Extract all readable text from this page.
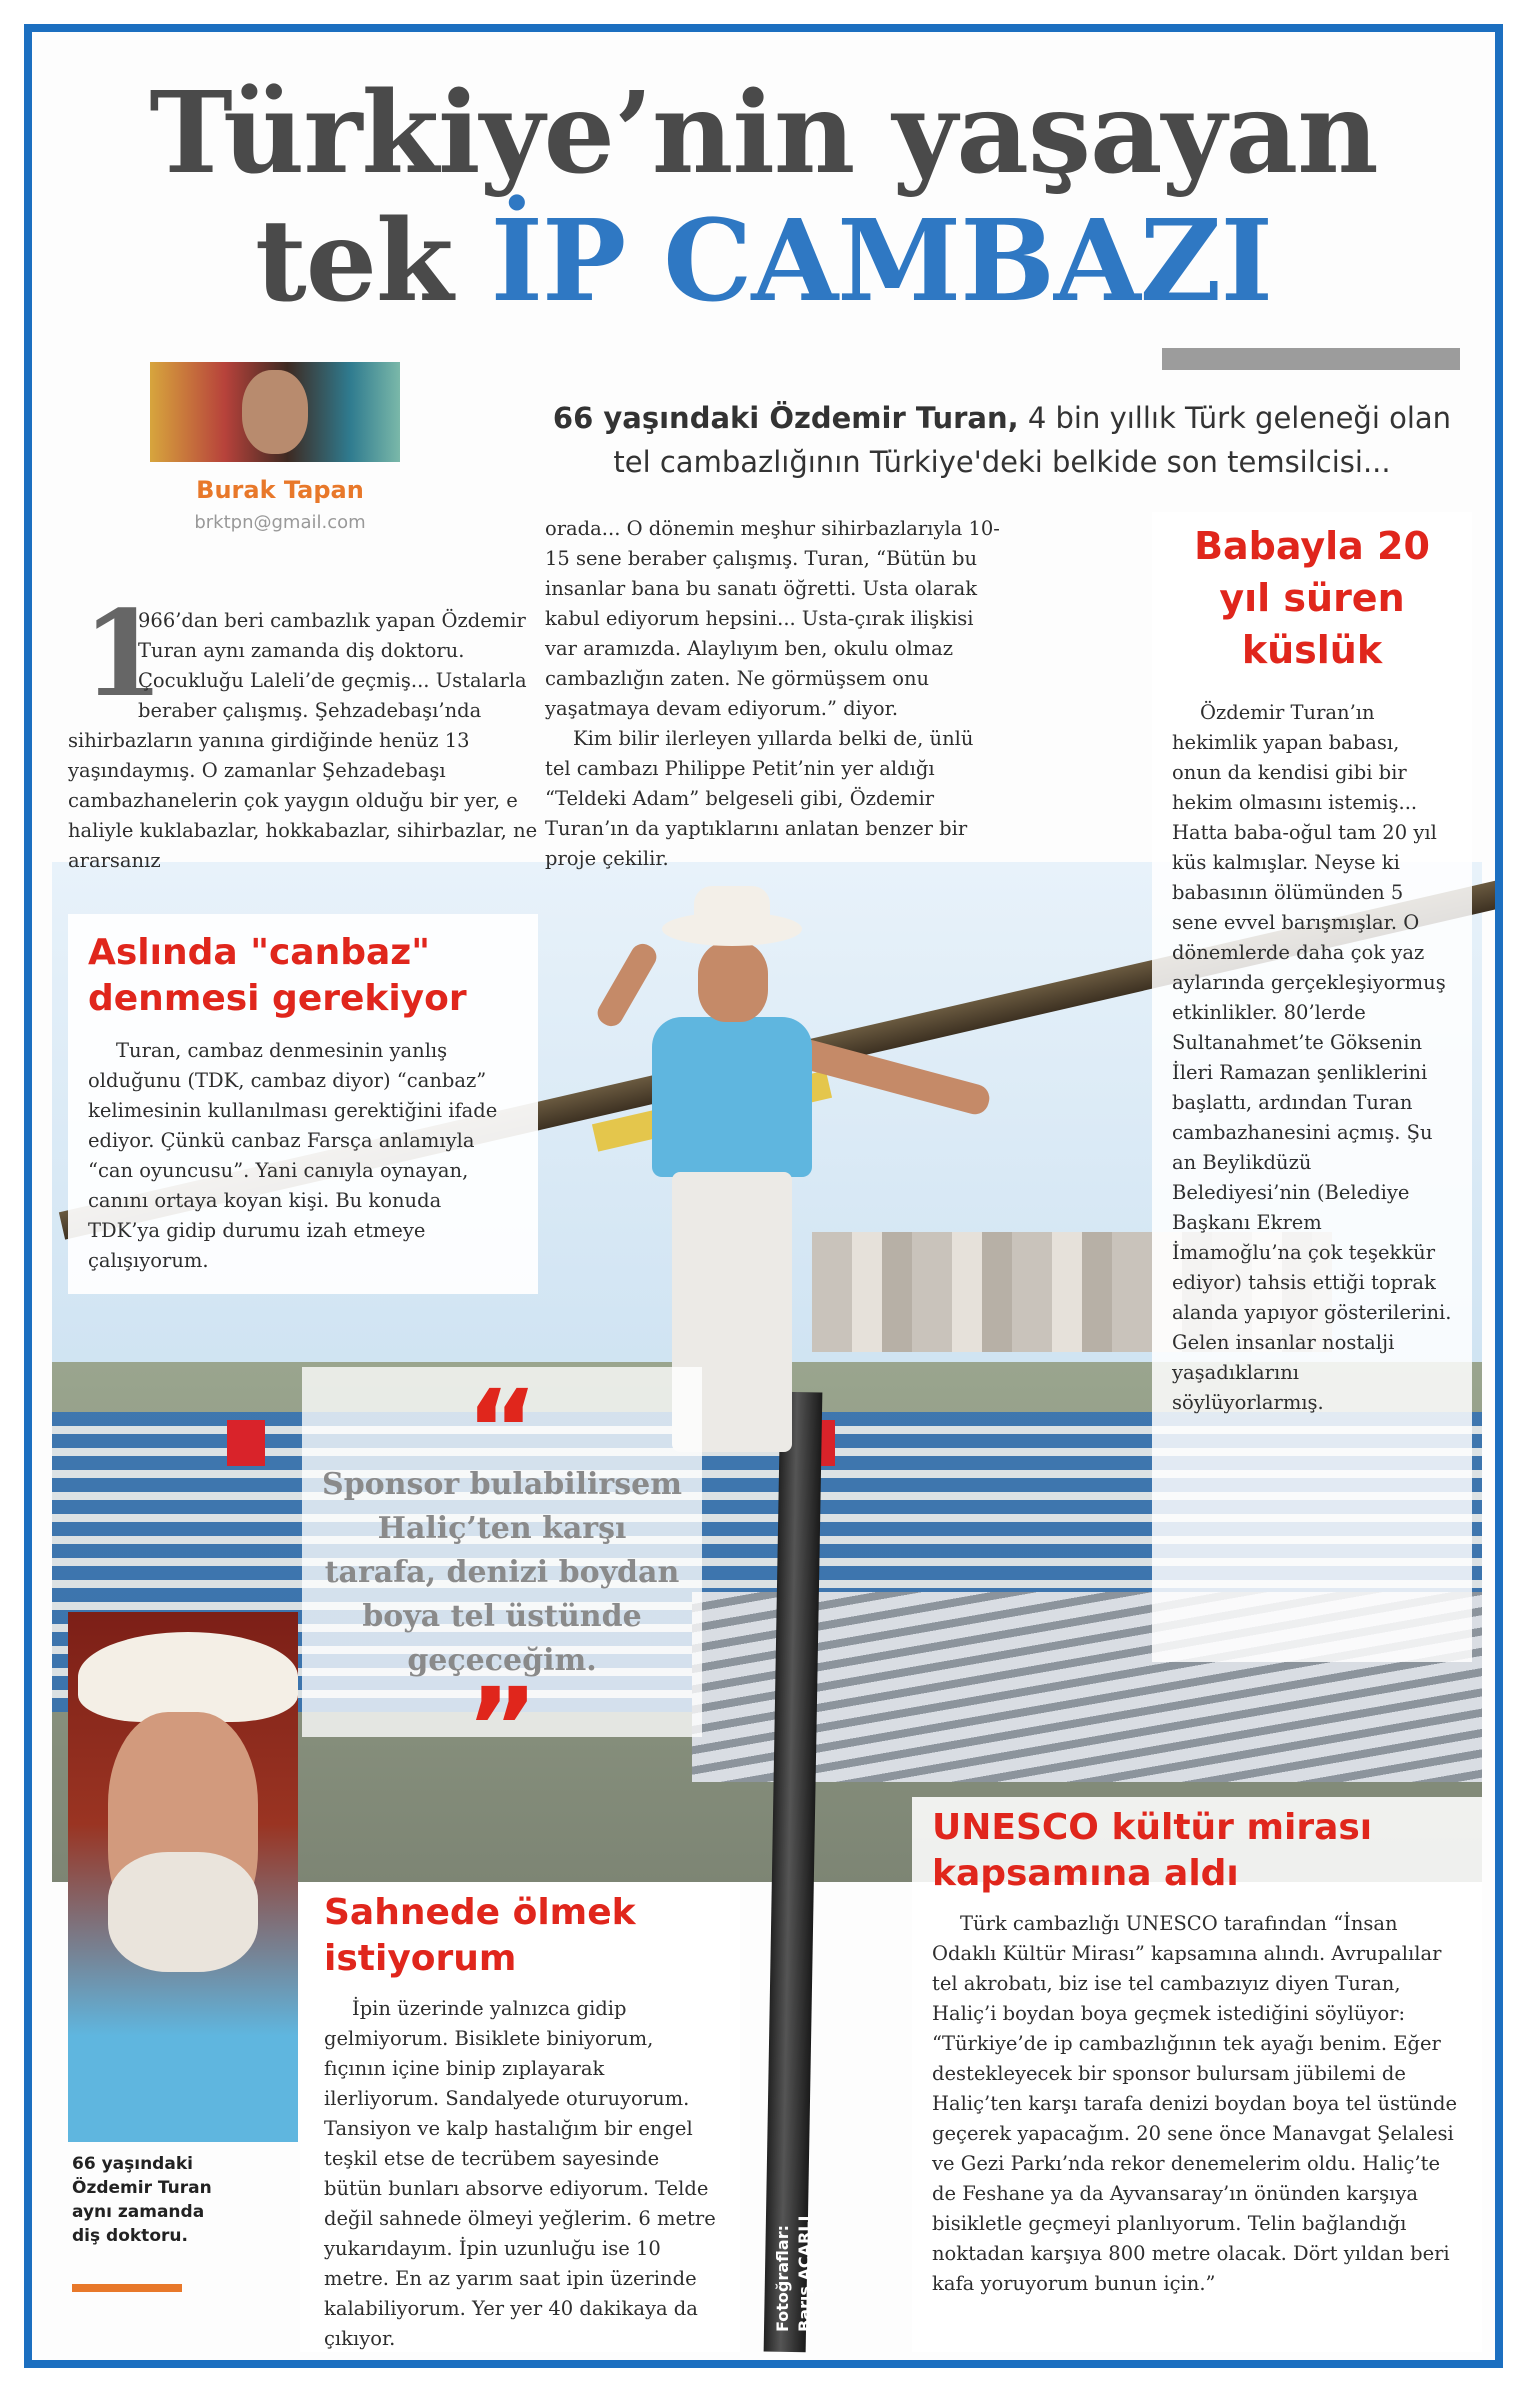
Türkiye’nin yaşayan
tek İP CAMBAZI
Burak Tapan
brktpn@gmail.com
66 yaşındaki Özdemir Turan, 4 bin yıllık Türk geleneği olan tel cambazlığının Türkiye'deki belkide son temsilcisi...
1
966’dan beri cambazlık yapan Özdemir Turan aynı zamanda diş doktoru. Çocukluğu Laleli’de geçmiş... Ustalarla beraber çalışmış. Şehzadebaşı’nda sihirbazların yanına girdiğinde henüz 13 yaşındaymış. O zamanlar Şehzadebaşı cambazhanelerin çok yaygın olduğu bir yer, e haliyle kuklabazlar, hokkabazlar, sihirbazlar, ne ararsanız

orada... O dönemin meşhur sihirbazlarıyla 10-15 sene beraber çalışmış. Turan, “Bütün bu insanlar bana bu sanatı öğretti. Usta olarak kabul ediyorum hepsini... Usta-çırak ilişkisi var aramızda. Alaylıyım ben, okulu olmaz cambazlığın zaten. Ne görmüşsem onu yaşatmaya devam ediyorum.” diyor.

Kim bilir ilerleyen yıllarda belki de, ünlü tel cambazı Philippe Petit’nin yer aldığı “Teldeki Adam” belgeseli gibi, Özdemir Turan’ın da yaptıklarını anlatan benzer bir proje çekilir.

Aslında "canbaz" denmesi gerekiyor

Turan, cambaz denmesinin yanlış olduğunu (TDK, cambaz diyor) “canbaz” kelimesinin kullanılması gerektiğini ifade ediyor. Çünkü canbaz Farsça anlamıyla “can oyuncusu”. Yani canıyla oynayan, canını ortaya koyan kişi. Bu konuda TDK’ya gidip durumu izah etmeye çalışıyorum.

Babayla 20 yıl süren küslük

Özdemir Turan’ın hekimlik yapan babası, onun da kendisi gibi bir hekim olmasını istemiş... Hatta baba-oğul tam 20 yıl küs kalmışlar. Neyse ki babasının ölümünden 5 sene evvel barışmışlar. O dönemlerde daha çok yaz aylarında gerçekleşiyormuş etkinlikler. 80’lerde Sultanahmet’te Göksenin İleri Ramazan şenliklerini başlattı, ardından Turan cambazhanesini açmış. Şu an Beylikdüzü Belediyesi’nin (Belediye Başkanı Ekrem İmamoğlu’na çok teşekkür ediyor) tahsis ettiği toprak alanda yapıyor gösterilerini. Gelen insanlar nostalji yaşadıklarını söylüyorlarmış.

“
Sponsor bulabilirsem Haliç’ten karşı tarafa, denizi boydan boya tel üstünde geçeceğim.
”
66 yaşındaki Özdemir Turan aynı zamanda diş doktoru.
Sahnede ölmek istiyorum

İpin üzerinde yalnızca gidip gelmiyorum. Bisiklete biniyorum, fıçının içine binip zıplayarak ilerliyorum. Sandalyede oturuyorum. Tansiyon ve kalp hastalığım bir engel teşkil etse de tecrübem sayesinde bütün bunları absorve ediyorum. Telde değil sahnede ölmeyi yeğlerim. 6 metre yukarıdayım. İpin uzunluğu ise 10 metre. En az yarım saat ipin üzerinde kalabiliyorum. Yer yer 40 dakikaya da çıkıyor.

Fotoğraflar: Barış ACARLI
UNESCO kültür mirası kapsamına aldı

Türk cambazlığı UNESCO tarafından “İnsan Odaklı Kültür Mirası” kapsamına alındı. Avrupalılar tel akrobatı, biz ise tel cambazıyız diyen Turan, Haliç’i boydan boya geçmek istediğini söylüyor: “Türkiye’de ip cambazlığının tek ayağı benim. Eğer destekleyecek bir sponsor bulursam jübilemi de Haliç’ten karşı tarafa denizi boydan boya tel üstünde geçerek yapacağım. 20 sene önce Manavgat Şelalesi ve Gezi Parkı’nda rekor denemelerim oldu. Haliç’te de Feshane ya da Ayvansaray’ın önünden karşıya bisikletle geçmeyi planlıyorum. Telin bağlandığı noktadan karşıya 800 metre olacak. Dört yıldan beri kafa yoruyorum bunun için.”
